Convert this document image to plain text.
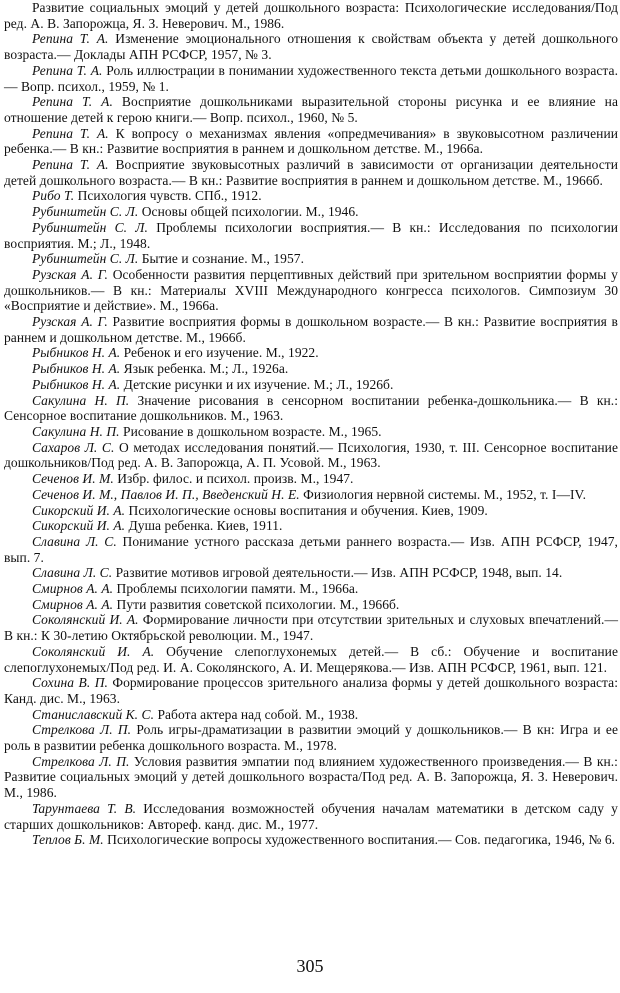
Развитие социальных эмоций у детей дошкольного возраста: Психологические исследования/Под ред. А. В. Запорожца, Я. З. Неверович. М., 1986.

Репина Т. А. Изменение эмоционального отношения к свойствам объекта у детей дошкольного возраста.— Доклады АПН РСФСР, 1957, № 3.

Репина Т. А. Роль иллюстрации в понимании художественного текста детьми дошкольного возраста.— Вопр. психол., 1959, № 1.

Репина Т. А. Восприятие дошкольниками выразительной стороны рисунка и ее влияние на отношение детей к герою книги.— Вопр. психол., 1960, № 5.

Репина Т. А. К вопросу о механизмах явления «опредмечивания» в звуковысотном различении ребенка.— В кн.: Развитие восприятия в раннем и дошкольном детстве. М., 1966а.

Репина Т. А. Восприятие звуковысотных различий в зависимости от организации деятельности детей дошкольного возраста.— В кн.: Развитие восприятия в раннем и дошкольном детстве. М., 1966б.

Рибо Т. Психология чувств. СПб., 1912.

Рубинштейн С. Л. Основы общей психологии. М., 1946.

Рубинштейн С. Л. Проблемы психологии восприятия.— В кн.: Исследования по психологии восприятия. М.; Л., 1948.

Рубинштейн С. Л. Бытие и сознание. М., 1957.

Рузская А. Г. Особенности развития перцептивных действий при зрительном восприятии формы у дошкольников.— В кн.: Материалы XVIII Международного конгресса психологов. Симпозиум 30 «Восприятие и действие». М., 1966а.

Рузская А. Г. Развитие восприятия формы в дошкольном возрасте.— В кн.: Развитие восприятия в раннем и дошкольном детстве. М., 1966б.

Рыбников Н. А. Ребенок и его изучение. М., 1922.

Рыбников Н. А. Язык ребенка. М.; Л., 1926а.

Рыбников Н. А. Детские рисунки и их изучение. М.; Л., 1926б.

Сакулина Н. П. Значение рисования в сенсорном воспитании ребенка-дошкольника.— В кн.: Сенсорное воспитание дошкольников. М., 1963.

Сакулина Н. П. Рисование в дошкольном возрасте. М., 1965.

Сахаров Л. С. О методах исследования понятий.— Психология, 1930, т. III. Сенсорное воспитание дошкольников/Под ред. А. В. Запорожца, А. П. Усовой. М., 1963.

Сеченов И. М. Избр. филос. и психол. произв. М., 1947.

Сеченов И. М., Павлов И. П., Введенский Н. Е. Физиология нервной системы. М., 1952, т. I—IV.

Сикорский И. А. Психологические основы воспитания и обучения. Киев, 1909.

Сикорский И. А. Душа ребенка. Киев, 1911.

Славина Л. С. Понимание устного рассказа детьми раннего возраста.— Изв. АПН РСФСР, 1947, вып. 7.

Славина Л. С. Развитие мотивов игровой деятельности.— Изв. АПН РСФСР, 1948, вып. 14.

Смирнов А. А. Проблемы психологии памяти. М., 1966а.

Смирнов А. А. Пути развития советской психологии. М., 1966б.

Соколянский И. А. Формирование личности при отсутствии зрительных и слуховых впечатлений.— В кн.: К 30-летию Октябрьской революции. М., 1947.

Соколянский И. А. Обучение слепоглухонемых детей.— В сб.: Обучение и воспитание слепоглухонемых/Под ред. И. А. Соколянского, А. И. Мещерякова.— Изв. АПН РСФСР, 1961, вып. 121.

Сохина В. П. Формирование процессов зрительного анализа формы у детей дошкольного возраста: Канд. дис. М., 1963.

Станиславский К. С. Работа актера над собой. М., 1938.

Стрелкова Л. П. Роль игры-драматизации в развитии эмоций у дошкольников.— В кн: Игра и ее роль в развитии ребенка дошкольного возраста. М., 1978.

Стрелкова Л. П. Условия развития эмпатии под влиянием художественного произведения.— В кн.: Развитие социальных эмоций у детей дошкольного возраста/Под ред. А. В. Запорожца, Я. З. Неверович. М., 1986.

Taрунтаева Т. В. Исследования возможностей обучения началам математики в детском саду у старших дошкольников: Автореф. канд. дис. М., 1977.

Теплов Б. М. Психологические вопросы художественного воспитания.— Сов. педагогика, 1946, № 6.

305
